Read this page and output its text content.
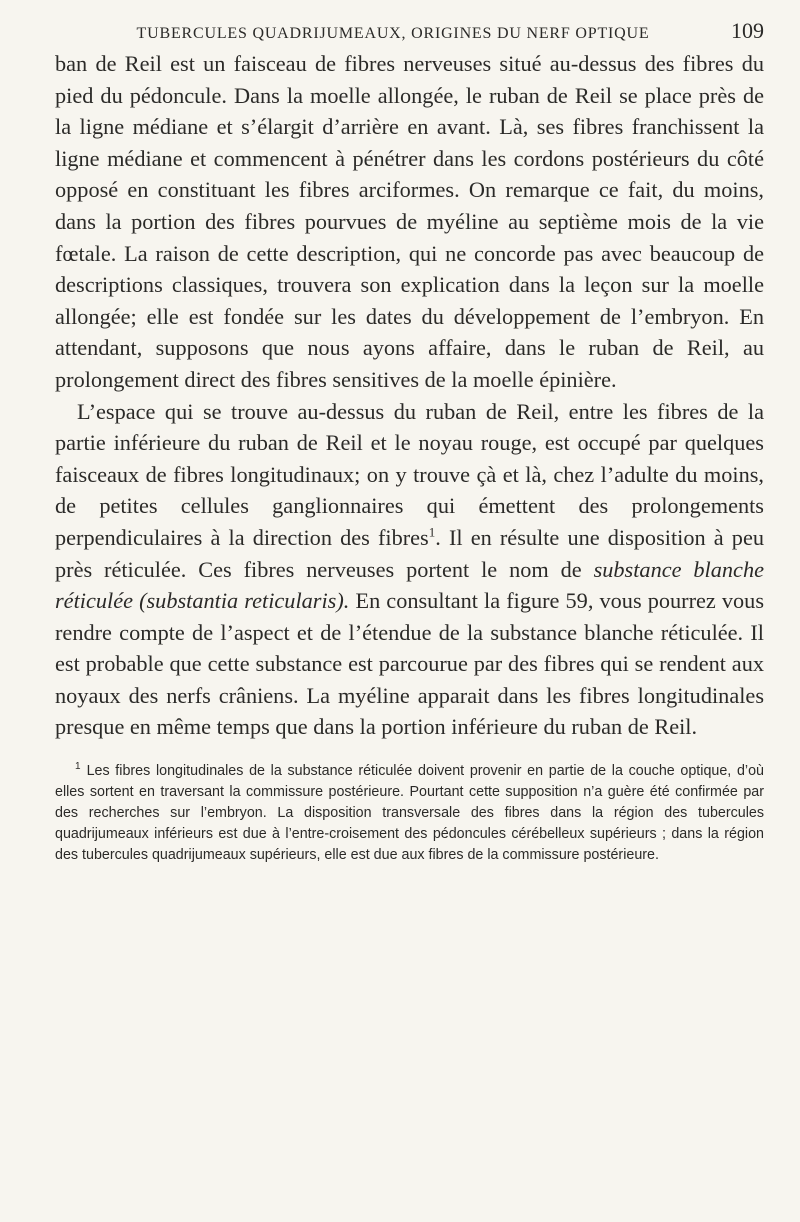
TUBERCULES QUADRIJUMEAUX, ORIGINES DU NERF OPTIQUE	109

ban de Reil est un faisceau de fibres nerveuses situé au-dessus des fibres du pied du pédoncule. Dans la moelle allongée, le ruban de Reil se place près de la ligne médiane et s’élargit d’arrière en avant. Là, ses fibres franchissent la ligne médiane et commencent à pénétrer dans les cordons postérieurs du côté opposé en constituant les fibres arciformes. On remarque ce fait, du moins, dans la portion des fibres pourvues de myéline au septième mois de la vie fœtale. La raison de cette description, qui ne concorde pas avec beaucoup de descriptions classiques, trouvera son explication dans la leçon sur la moelle allongée; elle est fondée sur les dates du développement de l’embryon. En attendant, supposons que nous ayons affaire, dans le ruban de Reil, au prolongement direct des fibres sensitives de la moelle épinière.

L’espace qui se trouve au-dessus du ruban de Reil, entre les fibres de la partie inférieure du ruban de Reil et le noyau rouge, est occupé par quelques faisceaux de fibres longitudinaux; on y trouve çà et là, chez l’adulte du moins, de petites cellules ganglionnaires qui émettent des prolongements perpendiculaires à la direction des fibres$^1$. Il en résulte une disposition à peu près réticulée. Ces fibres nerveuses portent le nom de substance blanche réticulée (substantia reticularis). En consultant la figure 59, vous pourrez vous rendre compte de l’aspect et de l’étendue de la substance blanche réticulée. Il est probable que cette substance est parcourue par des fibres qui se rendent aux noyaux des nerfs crâniens. La myéline apparait dans les fibres longitudinales presque en même temps que dans la portion inférieure du ruban de Reil.

$^1$ Les fibres longitudinales de la substance réticulée doivent provenir en partie de la couche optique, d’où elles sortent en traversant la commissure postérieure. Pourtant cette supposition n’a guère été confirmée par des recherches sur l’embryon. La disposition transversale des fibres dans la région des tubercules quadrijumeaux inférieurs est due à l’entre-croisement des pédoncules cérébelleux supérieurs ; dans la région des tubercules quadrijumeaux supérieurs, elle est due aux fibres de la commissure postérieure.
